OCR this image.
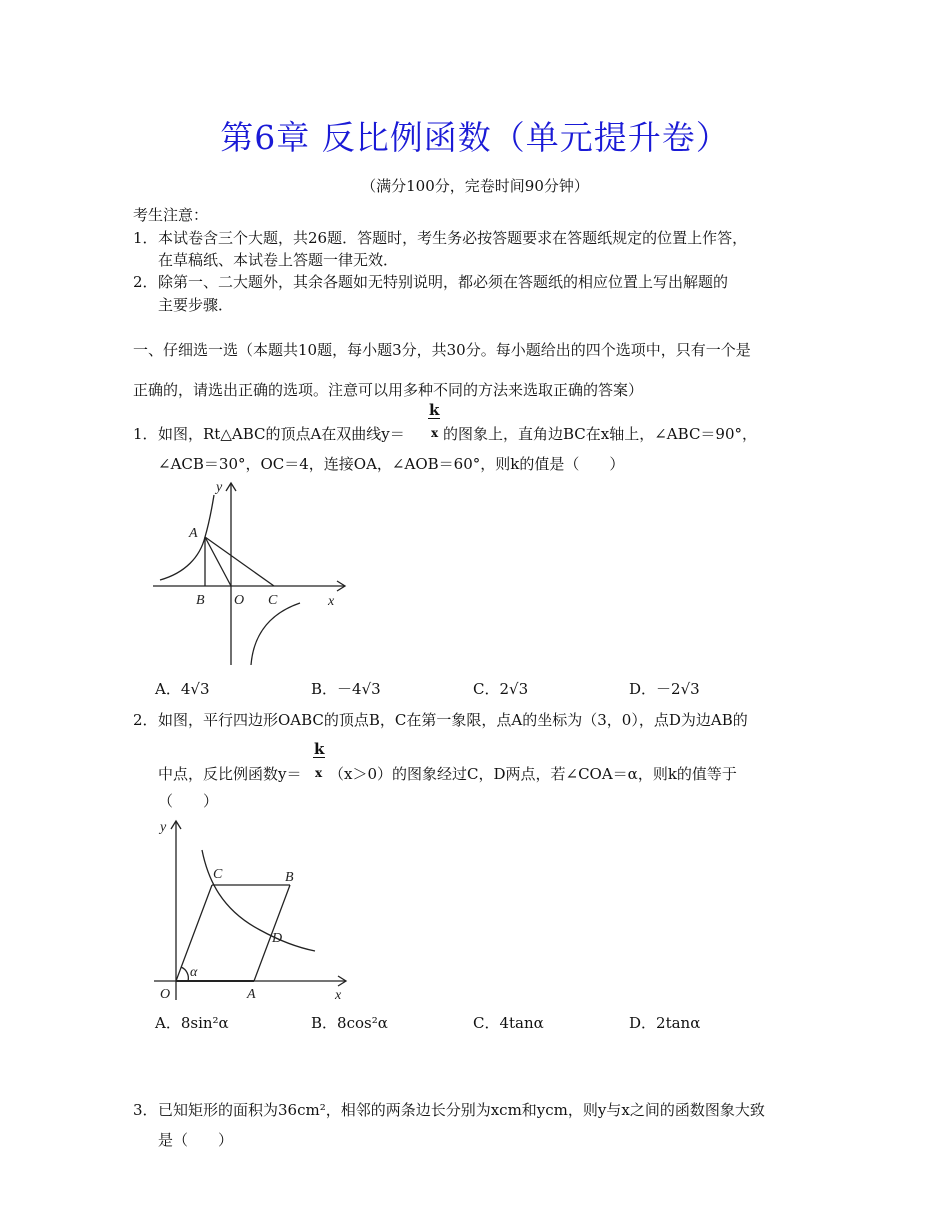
第6章 反比例函数（单元提升卷）
（满分100分，完卷时间90分钟）
考生注意：
1． 本试卷含三个大题，共26题．答题时，考生务必按答题要求在答题纸规定的位置上作答，
在草稿纸、本试卷上答题一律无效．
2． 除第一、二大题外，其余各题如无特别说明，都必须在答题纸的相应位置上写出解题的
主要步骤．
一、仔细选一选（本题共10题，每小题3分，共30分。每小题给出的四个选项中，只有一个是
正确的，请选出正确的选项。注意可以用多种不同的方法来选取正确的答案）
k
1． 如图，Rt△ABC的顶点A在双曲线y＝ x 的图象上，直角边BC在x轴上，∠ABC＝90°，
∠ACB＝30°，OC＝4，连接OA，∠AOB＝60°，则k的值是（　　）
y
A
B O C	x
A．4√3	B．－4√3	C．2√3	D．－2√3
2． 如图，平行四边形OABC的顶点B，C在第一象限，点A的坐标为（3，0），点D为边AB的
k
中点，反比例函数y＝ x （x＞0）的图象经过C，D两点，若∠COA＝α，则k的值等于
（　　）
y
C	B
D
α
O	A	x
A．8sin²α	B．8cos²α	C．4tanα	D．2tanα
3． 已知矩形的面积为36cm²，相邻的两条边长分别为xcm和ycm，则y与x之间的函数图象大致
是（　　）
